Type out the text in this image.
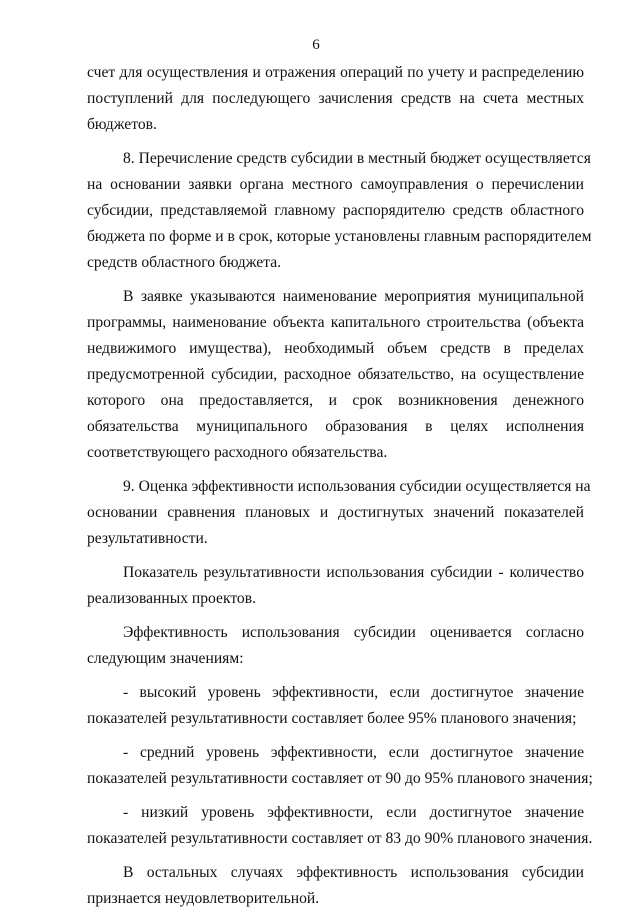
6
счет для осуществления и отражения операций по учету и распределению
поступлений для последующего зачисления средств на счета местных
бюджетов.
8. Перечисление средств субсидии в местный бюджет осуществляется
на основании заявки органа местного самоуправления о перечислении
субсидии, представляемой главному распорядителю средств областного
бюджета по форме и в срок, которые установлены главным распорядителем
средств областного бюджета.
В заявке указываются наименование мероприятия муниципальной
программы, наименование объекта капитального строительства (объекта
недвижимого имущества), необходимый объем средств в пределах
предусмотренной субсидии, расходное обязательство, на осуществление
которого она предоставляется, и срок возникновения денежного
обязательства муниципального образования в целях исполнения
соответствующего расходного обязательства.
9. Оценка эффективности использования субсидии осуществляется на
основании сравнения плановых и достигнутых значений показателей
результативности.
Показатель результативности использования субсидии - количество
реализованных проектов.
Эффективность использования субсидии оценивается согласно
следующим значениям:
- высокий уровень эффективности, если достигнутое значение
показателей результативности составляет более 95% планового значения;
- средний уровень эффективности, если достигнутое значение
показателей результативности составляет от 90 до 95% планового значения;
- низкий уровень эффективности, если достигнутое значение
показателей результативности составляет от 83 до 90% планового значения.
В остальных случаях эффективность использования субсидии
признается неудовлетворительной.
